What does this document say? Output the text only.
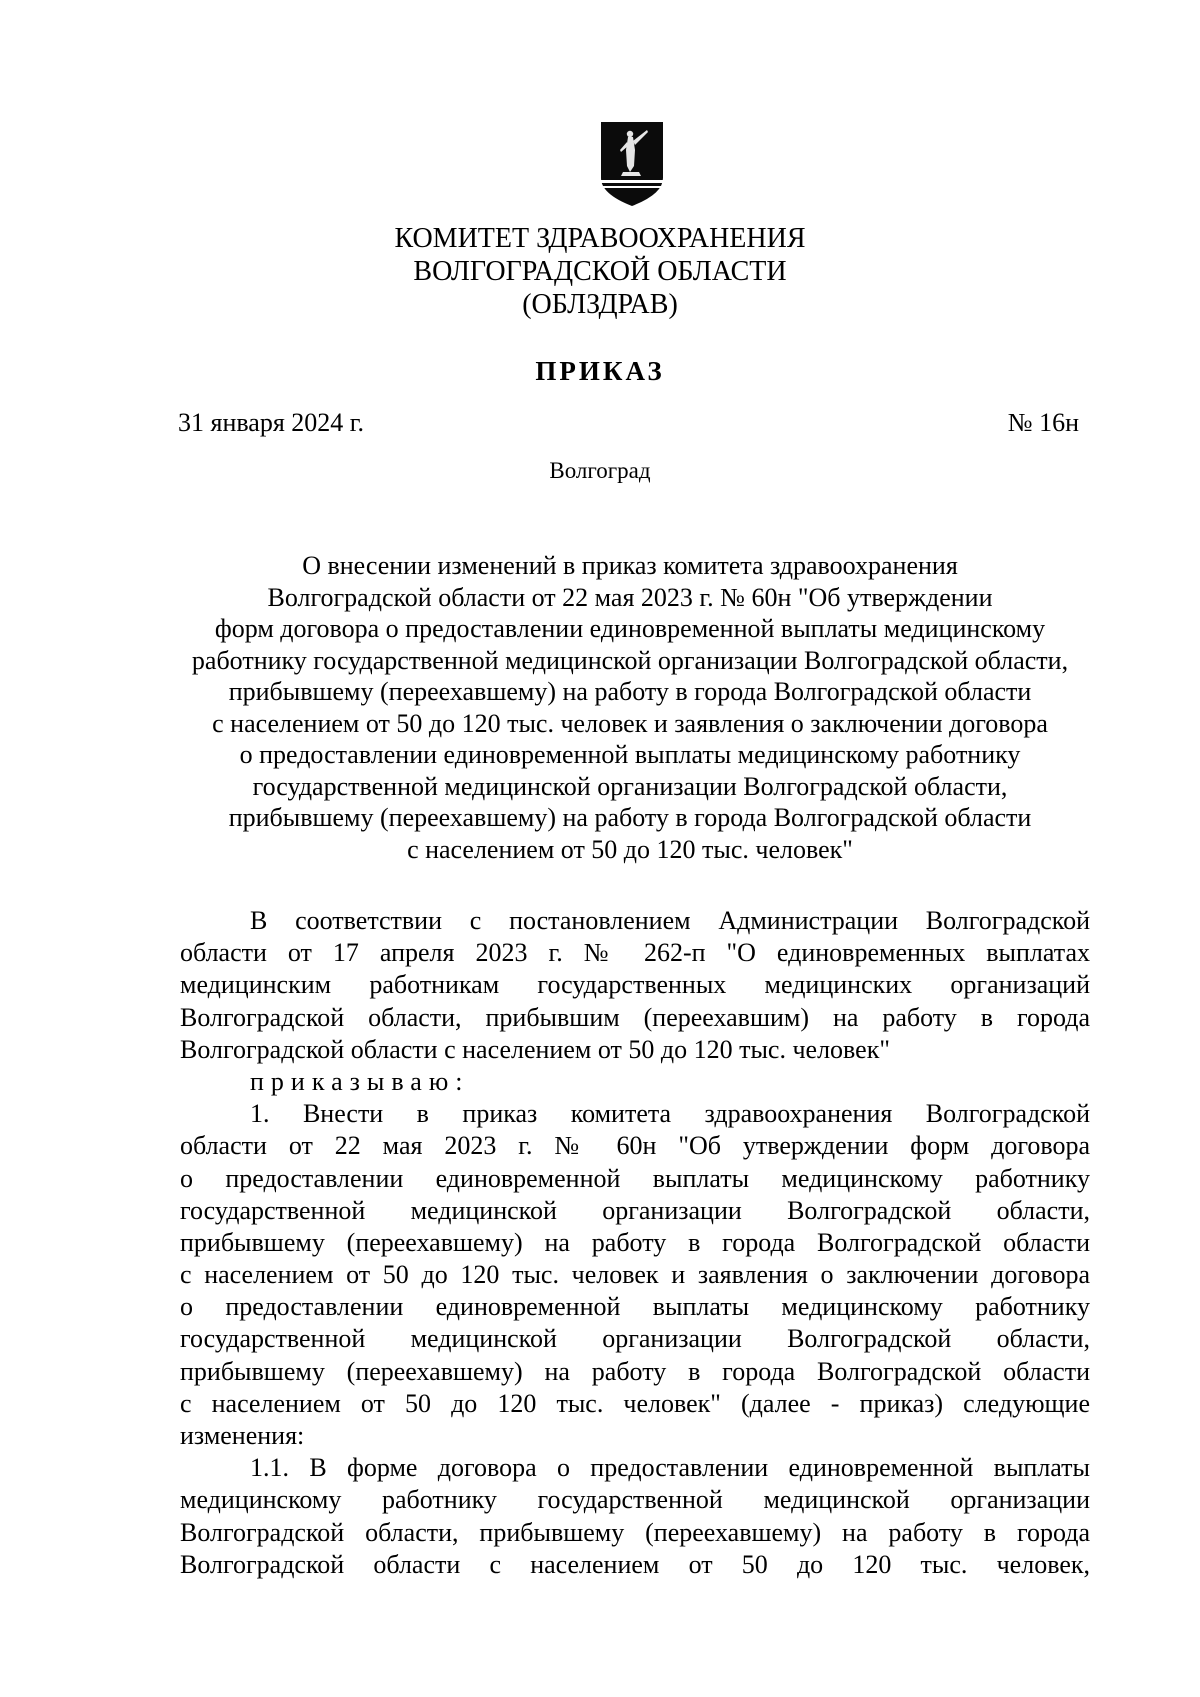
КОМИТЕТ ЗДРАВООХРАНЕНИЯ
ВОЛГОГРАДСКОЙ ОБЛАСТИ
(ОБЛЗДРАВ)
ПРИКАЗ
31 января 2024 г.	№ 16н
Волгоград
О внесении изменений в приказ комитета здравоохранения
Волгоградской области от 22 мая 2023 г. № 60н "Об утверждении
форм договора о предоставлении единовременной выплаты медицинскому
работнику государственной медицинской организации Волгоградской области,
прибывшему (переехавшему) на работу в города Волгоградской области
с населением от 50 до 120 тыс. человек и заявления о заключении договора
о предоставлении единовременной выплаты медицинскому работнику
государственной медицинской организации Волгоградской области,
прибывшему (переехавшему) на работу в города Волгоградской области
с населением от 50 до 120 тыс. человек"
В соответствии с постановлением Администрации Волгоградской
области от 17 апреля 2023 г. № 262-п "О единовременных выплатах
медицинским работникам государственных медицинских организаций
Волгоградской области, прибывшим (переехавшим) на работу в города
Волгоградской области с населением от 50 до 120 тыс. человек"
приказываю:
1. Внести в приказ комитета здравоохранения Волгоградской
области от 22 мая 2023 г. № 60н "Об утверждении форм договора
о предоставлении единовременной выплаты медицинскому работнику
государственной медицинской организации Волгоградской области,
прибывшему (переехавшему) на работу в города Волгоградской области
с населением от 50 до 120 тыс. человек и заявления о заключении договора
о предоставлении единовременной выплаты медицинскому работнику
государственной медицинской организации Волгоградской области,
прибывшему (переехавшему) на работу в города Волгоградской области
с населением от 50 до 120 тыс. человек" (далее - приказ) следующие
изменения:
1.1. В форме договора о предоставлении единовременной выплаты
медицинскому работнику государственной медицинской организации
Волгоградской области, прибывшему (переехавшему) на работу в города
Волгоградской области с населением от 50 до 120 тыс. человек,
